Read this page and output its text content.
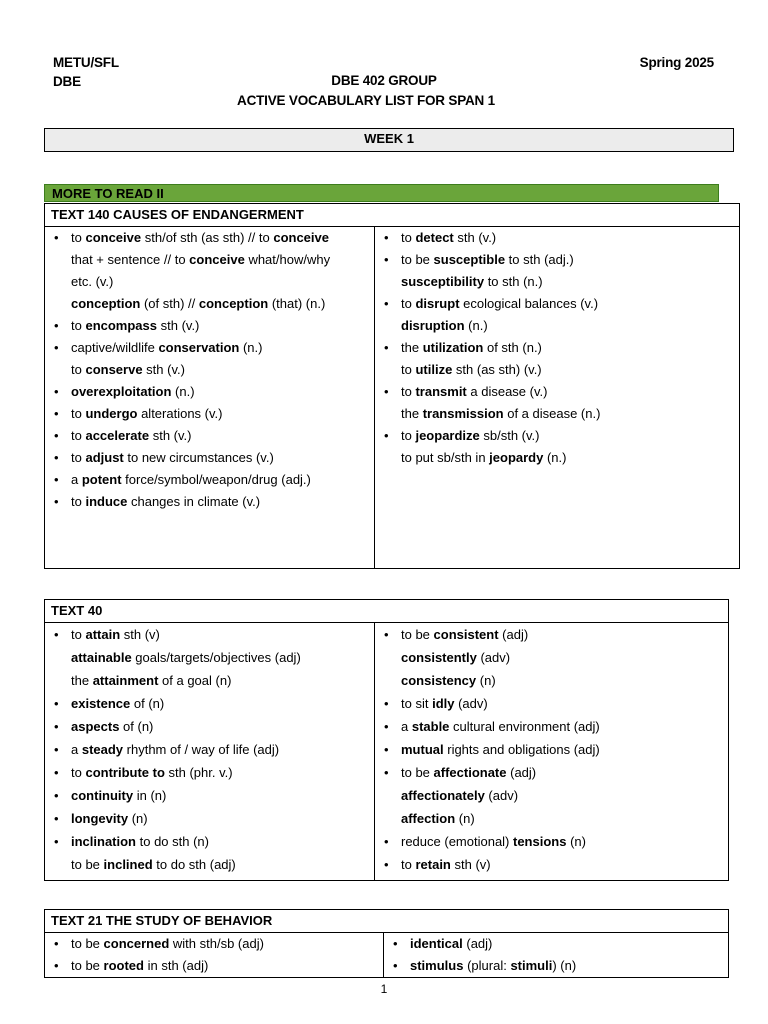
METU/SFL
DBE
Spring 2025
DBE 402 GROUP
ACTIVE VOCABULARY LIST FOR SPAN 1
WEEK 1
MORE TO READ II
TEXT 140 CAUSES OF ENDANGERMENT

• to conceive sth/of sth (as sth) // to conceive
that + sentence // to conceive what/how/why
etc. (v.)
conception (of sth) // conception (that) (n.)
• to encompass sth (v.)
• captive/wildlife conservation (n.)
to conserve sth (v.)
• overexploitation (n.)
• to undergo alterations (v.)
• to accelerate sth (v.)
• to adjust to new circumstances (v.)
• a potent force/symbol/weapon/drug (adj.)
• to induce changes in climate (v.)

• to detect sth (v.)
• to be susceptible to sth (adj.)
susceptibility to sth (n.)
• to disrupt ecological balances (v.)
disruption (n.)
• the utilization of sth (n.)
to utilize sth (as sth) (v.)
• to transmit a disease (v.)
the transmission of a disease (n.)
• to jeopardize sb/sth (v.)
to put sb/sth in jeopardy (n.)
TEXT 40

• to attain sth (v)
attainable goals/targets/objectives (adj)
the attainment of a goal (n)
• existence of (n)
• aspects of (n)
• a steady rhythm of / way of life (adj)
• to contribute to sth (phr. v.)
• continuity in (n)
• longevity (n)
• inclination to do sth (n)
to be inclined to do sth (adj)

• to be consistent (adj)
consistently (adv)
consistency (n)
• to sit idly (adv)
• a stable cultural environment (adj)
• mutual rights and obligations (adj)
• to be affectionate (adj)
affectionately (adv)
affection (n)
• reduce (emotional) tensions (n)
• to retain sth (v)
TEXT 21 THE STUDY OF BEHAVIOR

• to be concerned with sth/sb (adj)
• to be rooted in sth (adj)

• identical (adj)
• stimulus (plural: stimuli) (n)
1
